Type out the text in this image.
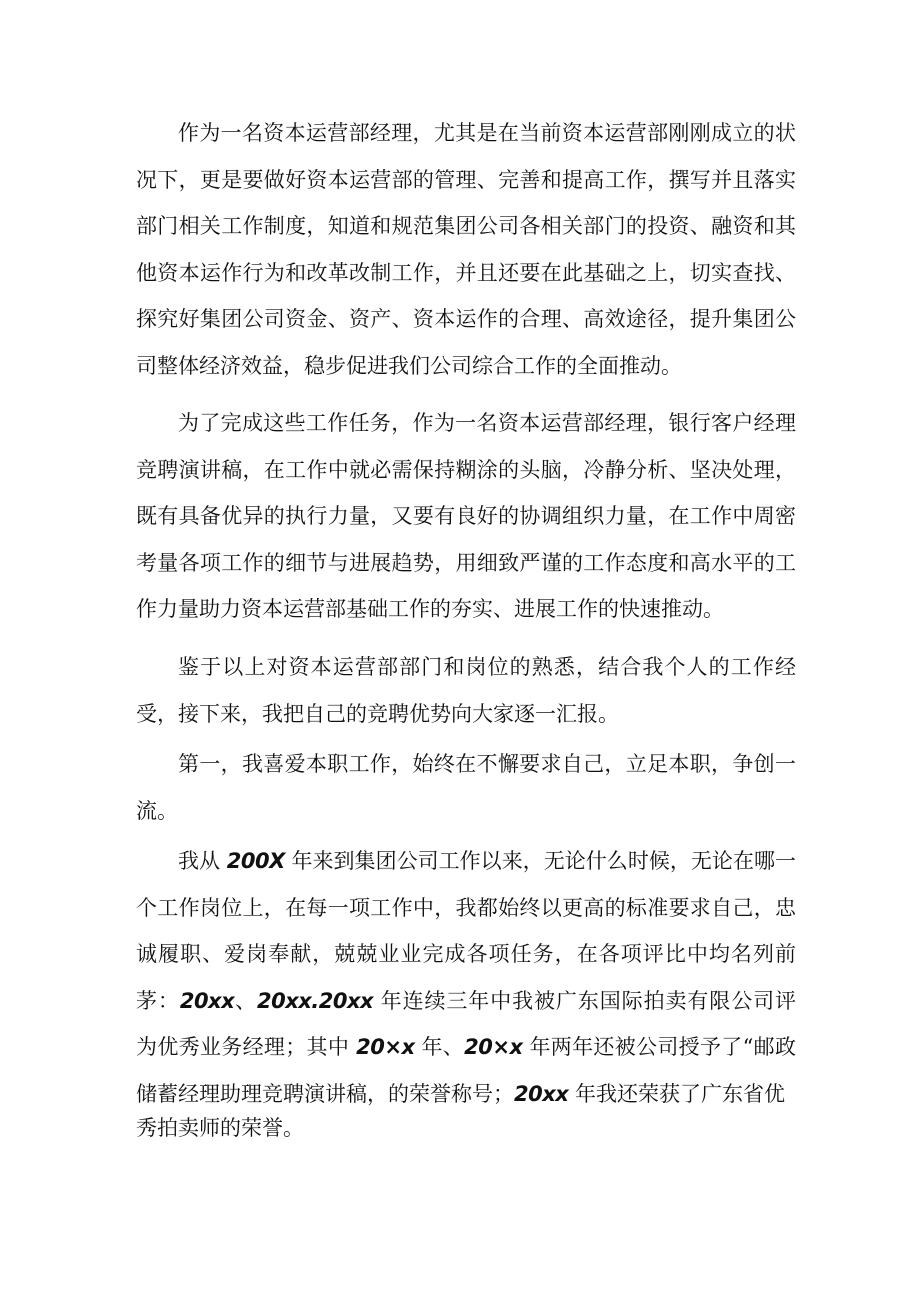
作为一名资本运营部经理，尤其是在当前资本运营部刚刚成立的状况下，更是要做好资本运营部的管理、完善和提高工作，撰写并且落实部门相关工作制度，知道和规范集团公司各相关部门的投资、融资和其他资本运作行为和改革改制工作，并且还要在此基础之上，切实查找、探究好集团公司资金、资产、资本运作的合理、高效途径，提升集团公司整体经济效益，稳步促进我们公司综合工作的全面推动。

为了完成这些工作任务，作为一名资本运营部经理，银行客户经理竞聘演讲稿，在工作中就必需保持糊涂的头脑，冷静分析、坚决处理，既有具备优异的执行力量，又要有良好的协调组织力量，在工作中周密考量各项工作的细节与进展趋势，用细致严谨的工作态度和高水平的工作力量助力资本运营部基础工作的夯实、进展工作的快速推动。

鉴于以上对资本运营部部门和岗位的熟悉，结合我个人的工作经受，接下来，我把自己的竞聘优势向大家逐一汇报。

第一，我喜爱本职工作，始终在不懈要求自己，立足本职，争创一流。

我从 200X 年来到集团公司工作以来，无论什么时候，无论在哪一个工作岗位上，在每一项工作中，我都始终以更高的标准要求自己，忠诚履职、爱岗奉献，兢兢业业完成各项任务，在各项评比中均名列前茅：20xx、20xx.20xx 年连续三年中我被广东国际拍卖有限公司评为优秀业务经理；其中 20×x 年、20×x 年两年还被公司授予了“邮政储蓄经理助理竞聘演讲稿，的荣誉称号；20xx 年我还荣获了广东省优

秀拍卖师的荣誉。
